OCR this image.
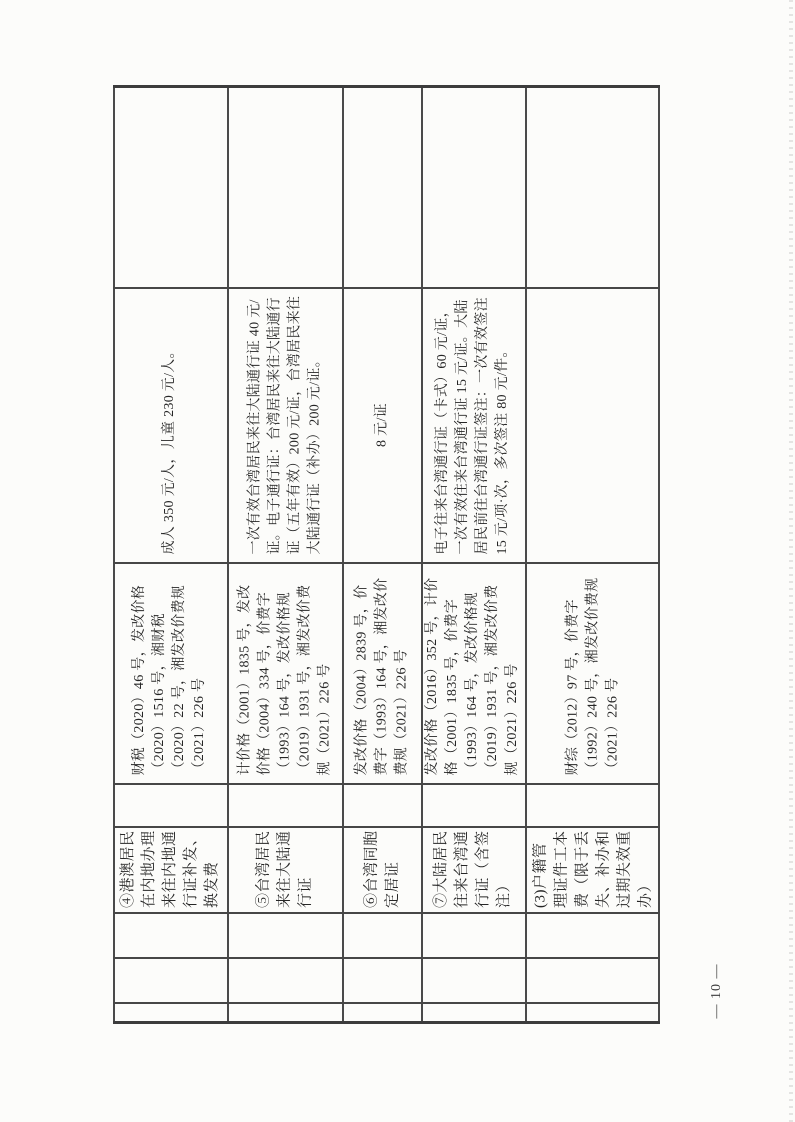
④港澳居民在内地办理来往内地通行证补发、换发费
财税（2020）46 号，发改价格（2020）1516 号，湘财税（2020）22 号，湘发改价费规（2021）226 号
成人 350 元/人，儿童 230 元/人。
⑤台湾居民来往大陆通行证
计价格（2001）1835 号，发改价格（2004）334 号，价费字（1993）164 号，发改价格规（2019）1931 号，湘发改价费规（2021）226 号
一次有效台湾居民来往大陆通行证 40 元/证。电子通行证：台湾居民来往大陆通行证（五年有效）200 元/证，台湾居民来往大陆通行证（补办）200 元/证。
⑥台湾同胞定居证
发改价格（2004）2839 号，价费字（1993）164 号，湘发改价费规（2021）226 号
8 元/证
⑦大陆居民往来台湾通行证（含签注）
发改价格（2016）352 号，计价格（2001）1835 号，价费字（1993）164 号，发改价格规（2019）1931 号，湘发改价费规（2021）226 号
电子往来台湾通行证（卡式）60 元/证，一次有效往来台湾通行证 15 元/证。大陆居民前往台湾通行证签注：一次有效签注 15 元/项·次，多次签注 80 元/件。
(3)户籍管理证件工本费（限于丢失、补办和过期失效重办）
财综（2012）97 号，价费字（1992）240 号，湘发改价费规（2021）226 号
— 10 —
